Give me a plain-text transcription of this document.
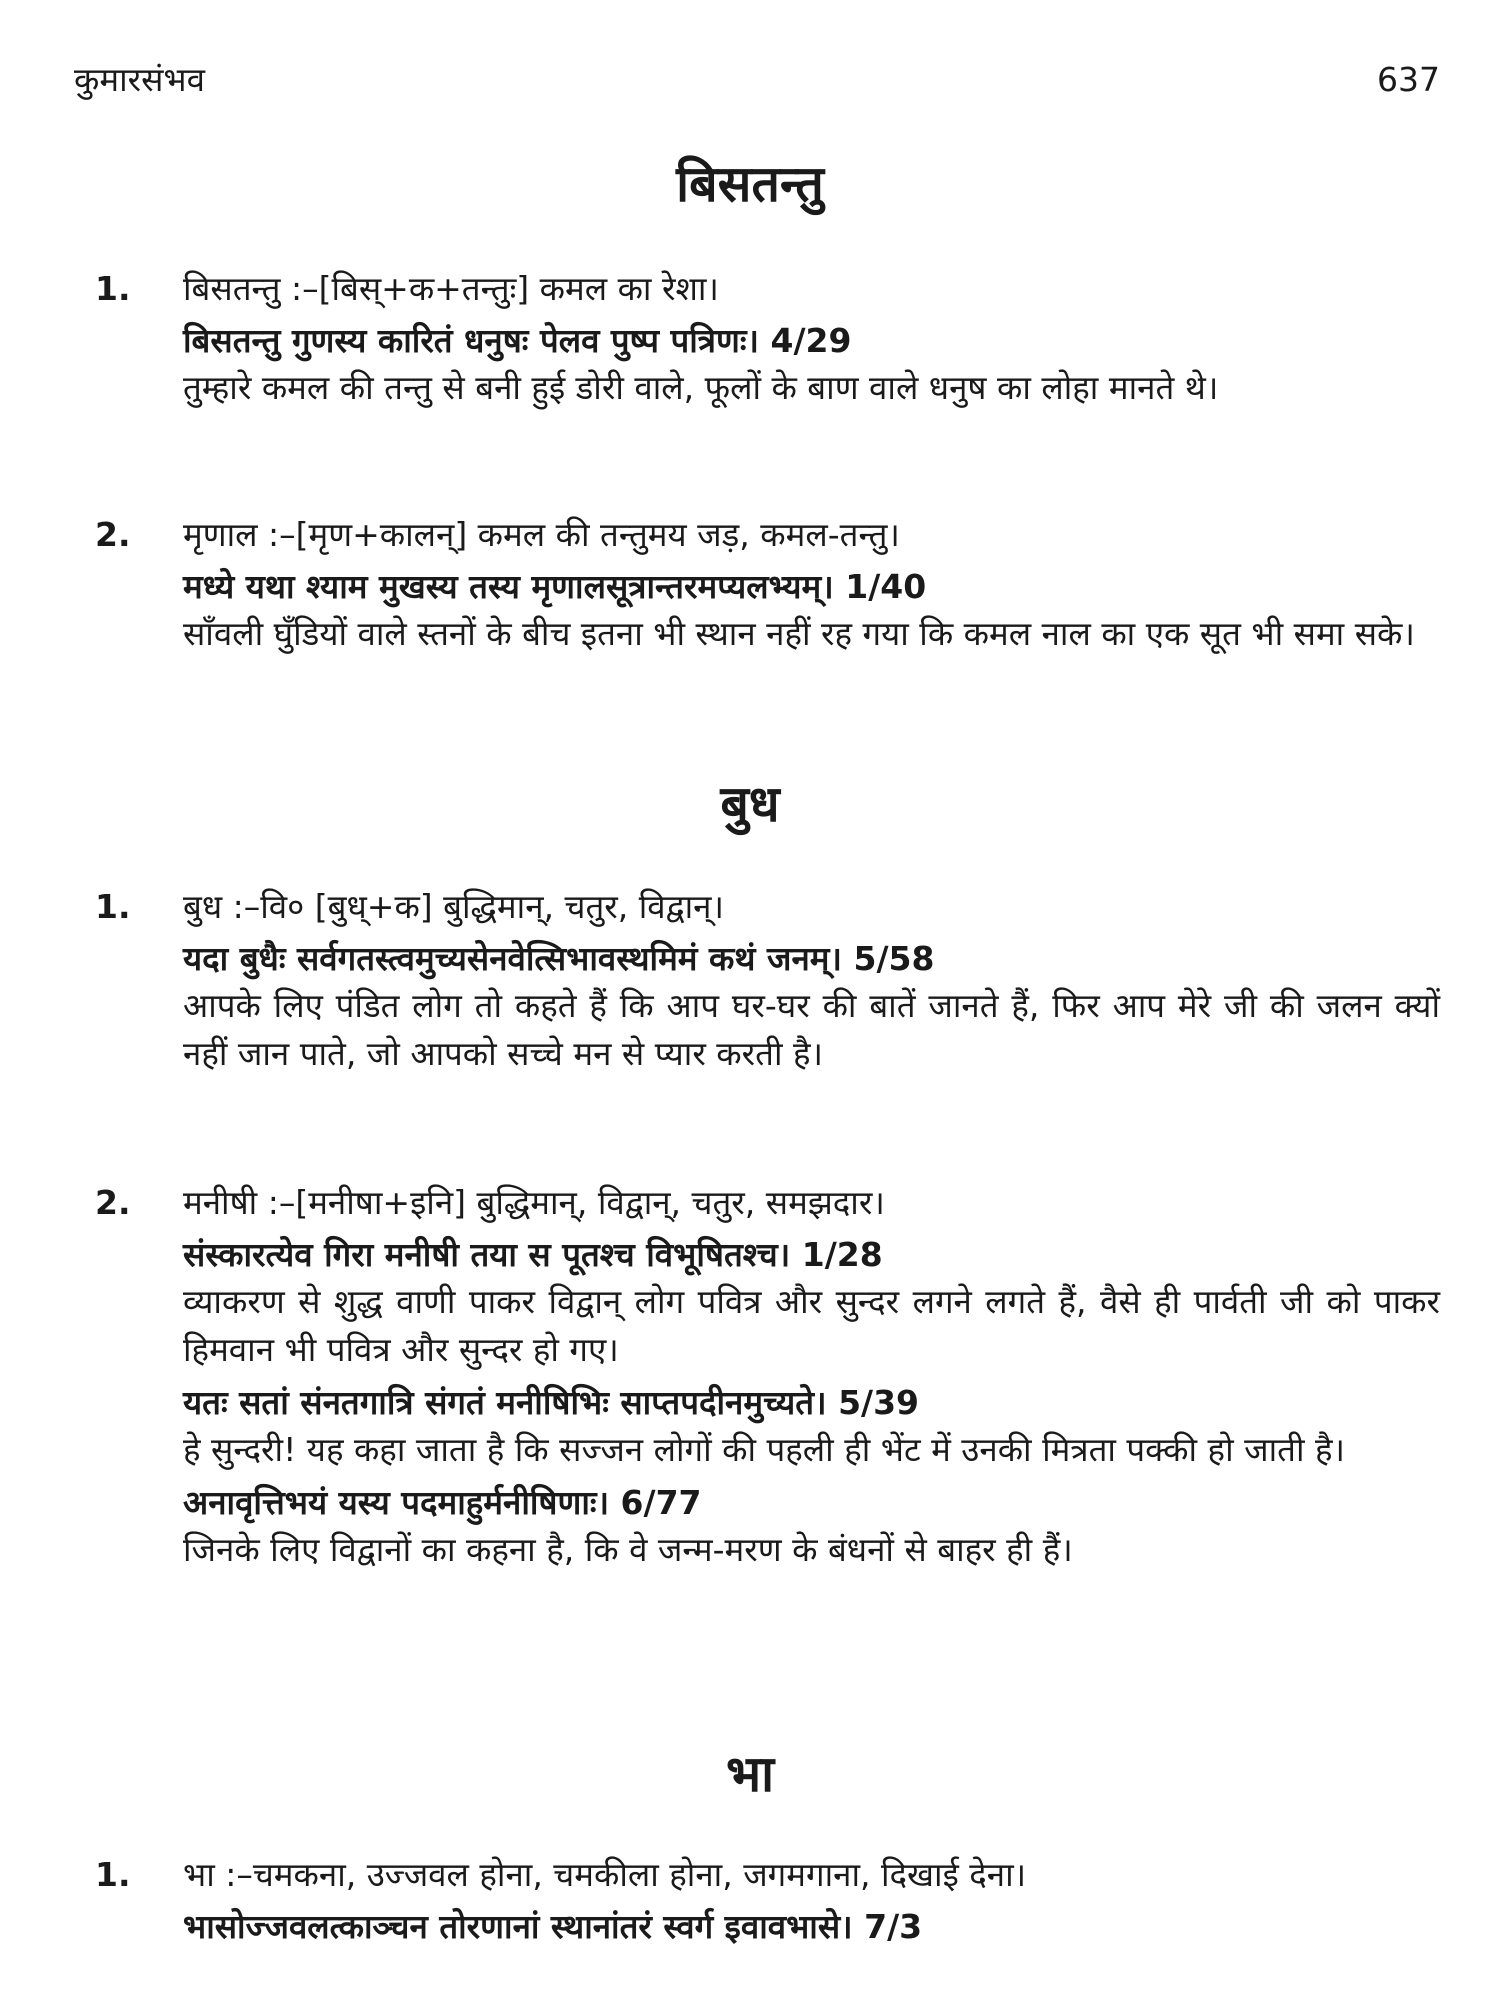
कुमारसंभव	637
बिसतन्तु
1.	बिसतन्तु :–[बिस्+क+तन्तुः] कमल का रेशा।
बिसतन्तु गुणस्य कारितं धनुषः पेलव पुष्प पत्रिणः। 4/29
तुम्हारे कमल की तन्तु से बनी हुई डोरी वाले, फूलों के बाण वाले धनुष का लोहा मानते थे।
2.	मृणाल :–[मृण+कालन्] कमल की तन्तुमय जड़, कमल-तन्तु।
मध्ये यथा श्याम मुखस्य तस्य मृणालसूत्रान्तरमप्यलभ्यम्। 1/40
साँवली घुँडियों वाले स्तनों के बीच इतना भी स्थान नहीं रह गया कि कमल नाल का एक सूत भी समा सके।
बुध
1.	बुध :–वि० [बुध्+क] बुद्धिमान्, चतुर, विद्वान्।
यदा बुधैः सर्वगतस्त्वमुच्यसेनवेत्सिभावस्थमिमं कथं जनम्। 5/58
आपके लिए पंडित लोग तो कहते हैं कि आप घर-घर की बातें जानते हैं, फिर आप मेरे जी की जलन क्यों नहीं जान पाते, जो आपको सच्चे मन से प्यार करती है।
2.	मनीषी :–[मनीषा+इनि] बुद्धिमान्, विद्वान्, चतुर, समझदार।
संस्कारत्येव गिरा मनीषी तया स पूतश्च विभूषितश्च। 1/28
व्याकरण से शुद्ध वाणी पाकर विद्वान् लोग पवित्र और सुन्दर लगने लगते हैं, वैसे ही पार्वती जी को पाकर हिमवान भी पवित्र और सुन्दर हो गए।
यतः सतां संनतगात्रि संगतं मनीषिभिः साप्तपदीनमुच्यते। 5/39
हे सुन्दरी! यह कहा जाता है कि सज्जन लोगों की पहली ही भेंट में उनकी मित्रता पक्की हो जाती है।
अनावृत्तिभयं यस्य पदमाहुर्मनीषिणाः। 6/77
जिनके लिए विद्वानों का कहना है, कि वे जन्म-मरण के बंधनों से बाहर ही हैं।
भा
1.	भा :–चमकना, उज्जवल होना, चमकीला होना, जगमगाना, दिखाई देना।
भासोज्जवलत्काञ्चन तोरणानां स्थानांतरं स्वर्ग इवावभासे। 7/3
